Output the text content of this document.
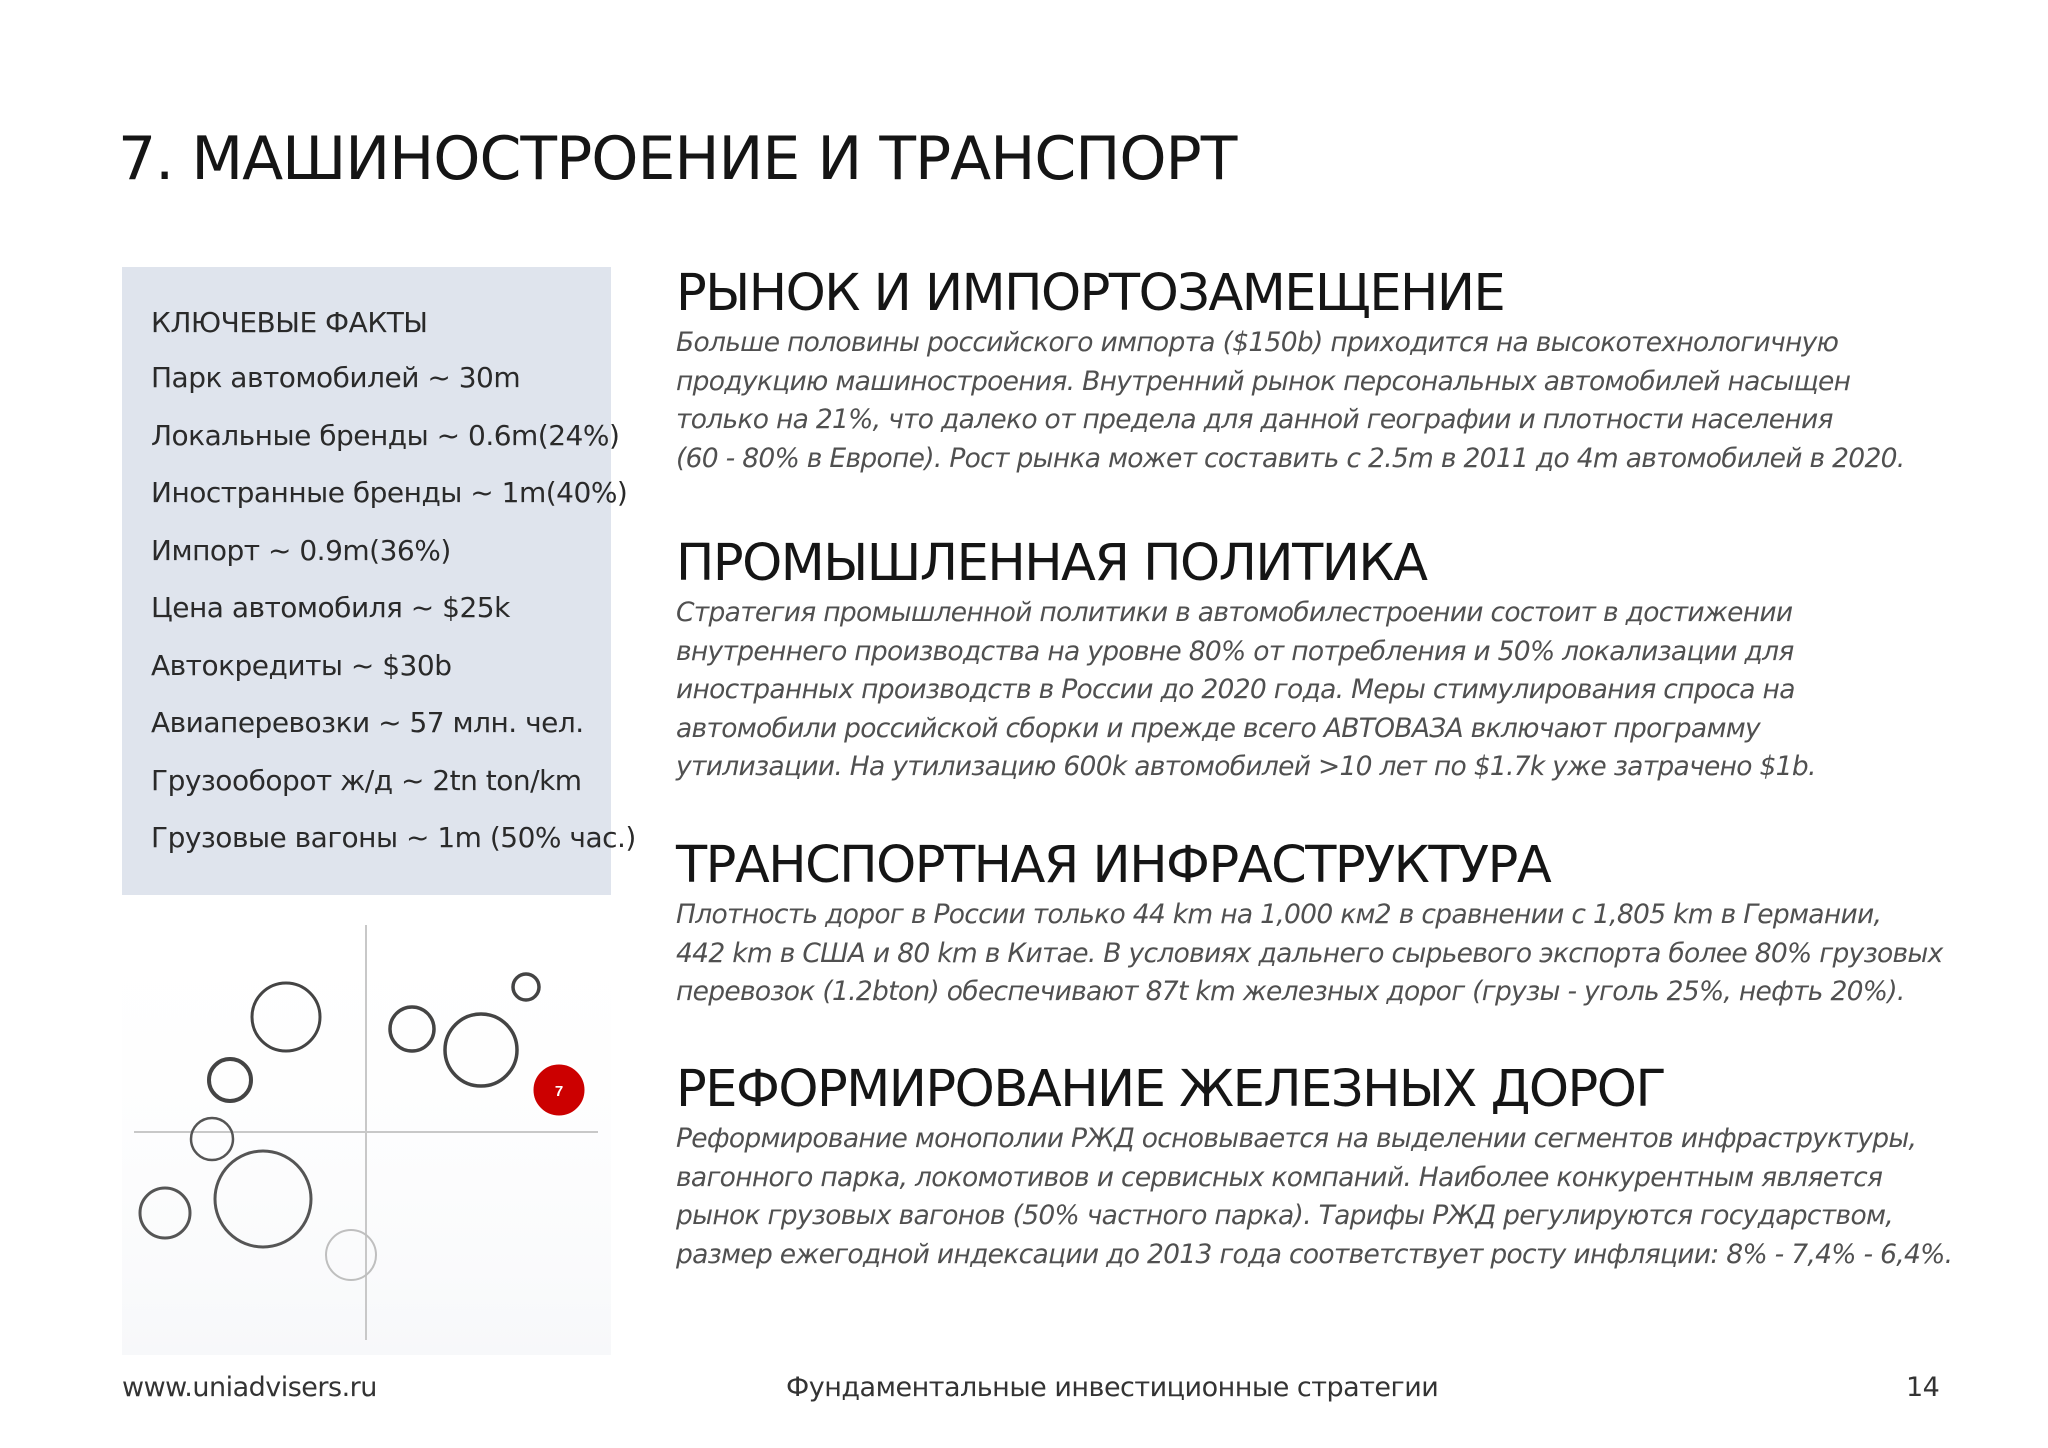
7. МАШИНОСТРОЕНИЕ И ТРАНСПОРТ
КЛЮЧЕВЫЕ ФАКТЫ
Парк автомобилей ~ 30m
Локальные бренды ~ 0.6m(24%)
Иностранные бренды ~ 1m(40%)
Импорт ~ 0.9m(36%)
Цена автомобиля ~ $25k
Автокредиты ~ $30b
Авиаперевозки ~ 57 млн. чел.
Грузооборот ж/д ~ 2tn ton/km
Грузовые вагоны ~ 1m (50% час.)
7
РЫНОК И ИМПОРТОЗАМЕЩЕНИЕ

Больше половины российского импорта ($150b) приходится на высокотехнологичную
продукцию машиностроения. Внутренний рынок персональных автомобилей насыщен
только на 21%, что далеко от предела для данной географии и плотности населения
(60 - 80% в Европе). Рост рынка может составить с 2.5m в 2011 до 4m автомобилей в 2020.

ПРОМЫШЛЕННАЯ ПОЛИТИКА

Стратегия промышленной политики в автомобилестроении состоит в достижении
внутреннего производства на уровне 80% от потребления и 50% локализации для
иностранных производств в России до 2020 года. Меры стимулирования спроса на
автомобили российской сборки и прежде всего АВТОВАЗА включают программу
утилизации. На утилизацию 600k автомобилей >10 лет по $1.7k уже затрачено $1b.

ТРАНСПОРТНАЯ ИНФРАСТРУКТУРА

Плотность дорог в России только 44 km на 1,000 км2 в сравнении с 1,805 km в Германии,
442 km в США и 80 km в Китае. В условиях дальнего сырьевого экспорта более 80% грузовых
перевозок (1.2bton) обеспечивают 87t km железных дорог (грузы - уголь 25%, нефть 20%).

РЕФОРМИРОВАНИЕ ЖЕЛЕЗНЫХ ДОРОГ

Реформирование монополии РЖД основывается на выделении сегментов инфраструктуры,
вагонного парка, локомотивов и сервисных компаний. Наиболее конкурентным является
рынок грузовых вагонов (50% частного парка). Тарифы РЖД регулируются государством,
размер ежегодной индексации до 2013 года соответствует росту инфляции: 8% - 7,4% - 6,4%.

www.uniadvisers.ru	Фундаментальные инвестиционные стратегии	14
